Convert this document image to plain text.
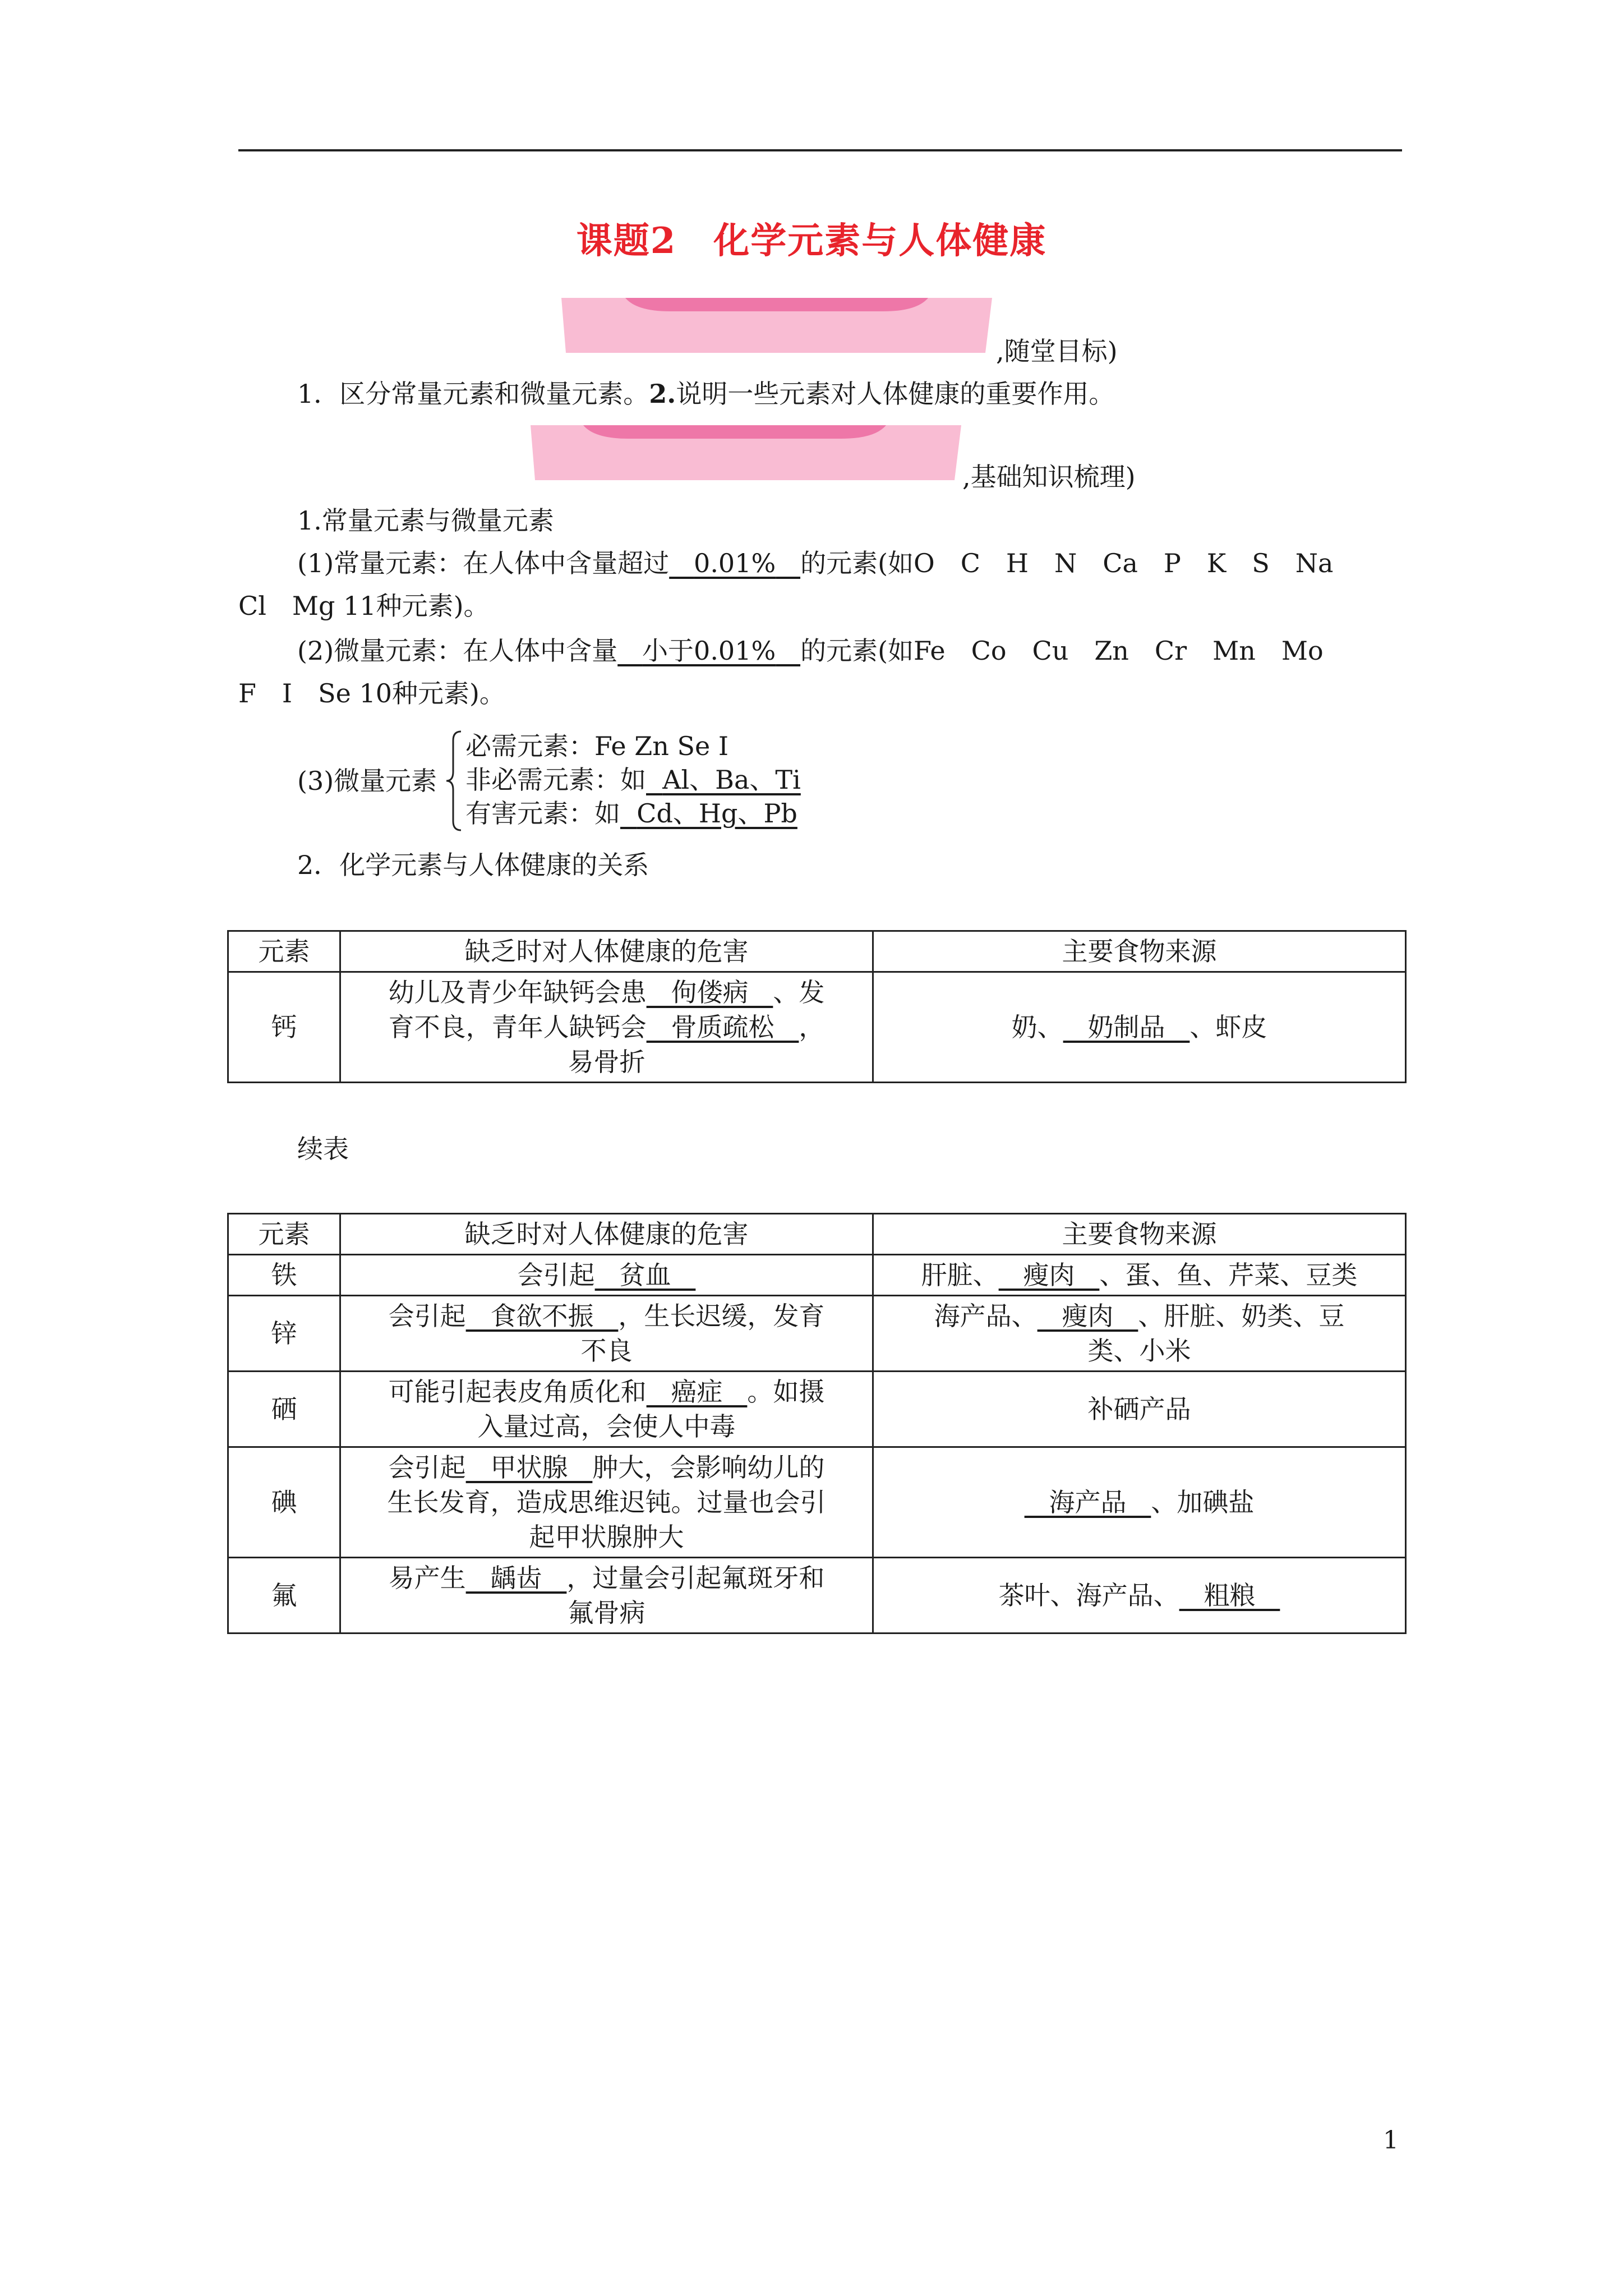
课题2　化学元素与人体健康
,随堂目标)
1．区分常量元素和微量元素。2.说明一些元素对人体健康的重要作用。
,基础知识梳理)
1.常量元素与微量元素
(1)常量元素：在人体中含量超过 0.01% 的元素(如O　C　H　N　Ca　P　K　S　Na
Cl　Mg 11种元素)。
(2)微量元素：在人体中含量 小于0.01% 的元素(如Fe　Co　Cu　Zn　Cr　Mn　Mo
F　I　Se 10种元素)。
(3)微量元素
必需元素：Fe Zn Se I
非必需元素：如 Al、Ba、Ti
有害元素：如 Cd、Hg、Pb
2．化学元素与人体健康的关系
元素	缺乏时对人体健康的危害	主要食物来源
钙	幼儿及青少年缺钙会患 佝偻病 、发
育不良，青年人缺钙会 骨质疏松 ，
易骨折	奶、 奶制品 、虾皮
续表
元素	缺乏时对人体健康的危害	主要食物来源
铁	会引起 贫血	肝脏、 瘦肉 、蛋、鱼、芹菜、豆类
锌	会引起 食欲不振 ，生长迟缓，发育
不良	海产品、 瘦肉 、肝脏、奶类、豆
类、小米
硒	可能引起表皮角质化和 癌症 。如摄
入量过高，会使人中毒	补硒产品
碘	会引起 甲状腺 肿大，会影响幼儿的
生长发育，造成思维迟钝。过量也会引
起甲状腺肿大	海产品 、加碘盐
氟	易产生 龋齿 ，过量会引起氟斑牙和
氟骨病	茶叶、海产品、 粗粮
1
